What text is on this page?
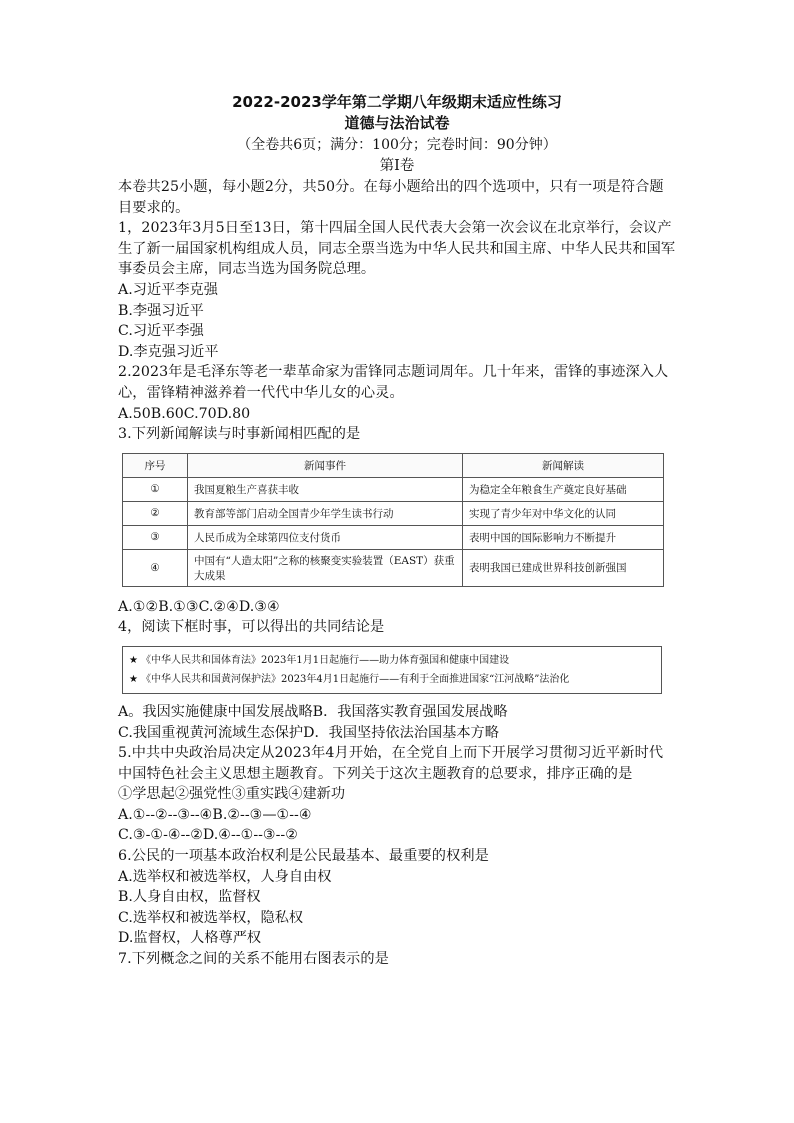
2022-2023学年第二学期八年级期末适应性练习
道德与法治试卷
（全卷共6页；满分：100分；完卷时间：90分钟）
第Ⅰ卷

本卷共25小题，每小题2分，共50分。在每小题给出的四个选项中，只有一项是符合题目要求的。

1，2023年3月5日至13日，第十四届全国人民代表大会第一次会议在北京举行，会议产生了新一届国家机构组成人员，同志全票当选为中华人民共和国主席、中华人民共和国军事委员会主席，同志当选为国务院总理。

A.习近平李克强

B.李强习近平

C.习近平李强

D.李克强习近平

2.2023年是毛泽东等老一辈革命家为雷锋同志题词周年。几十年来，雷锋的事迹深入人心，雷锋精神滋养着一代代中华儿女的心灵。

A.50B.60C.70D.80

3.下列新闻解读与时事新闻相匹配的是

序号	新闻事件	新闻解读
①	我国夏粮生产喜获丰收	为稳定全年粮食生产奠定良好基础
②	教育部等部门启动全国青少年学生读书行动	实现了青少年对中华文化的认同
③	人民币成为全球第四位支付货币	表明中国的国际影响力不断提升
④	中国有“人造太阳”之称的核聚变实验装置（EAST）获重大成果	表明我国已建成世界科技创新强国

A.①②B.①③C.②④D.③④

4，阅读下框时事，可以得出的共同结论是

★ 《中华人民共和国体育法》2023年1月1日起施行——助力体育强国和健康中国建设
★ 《中华人民共和国黄河保护法》2023年4月1日起施行——有利于全面推进国家“江河战略”法治化

A。我因实施健康中国发展战略B．我国落实教育强国发展战略

C.我国重视黄河流域生态保护D．我国坚持依法治国基本方略

5.中共中央政治局决定从2023年4月开始，在全党自上而下开展学习贯彻习近平新时代中国特色社会主义思想主题教育。下列关于这次主题教育的总要求，排序正确的是

①学思起②强党性③重实践④建新功

A.①--②--③--④B.②--③—①--④

C.③-①-④--②D.④--①--③--②

6.公民的一项基本政治权利是公民最基本、最重要的权利是

A.选举权和被选举权，人身自由权

B.人身自由权，监督权

C.选举权和被选举权，隐私权

D.监督权，人格尊严权

7.下列概念之间的关系不能用右图表示的是
